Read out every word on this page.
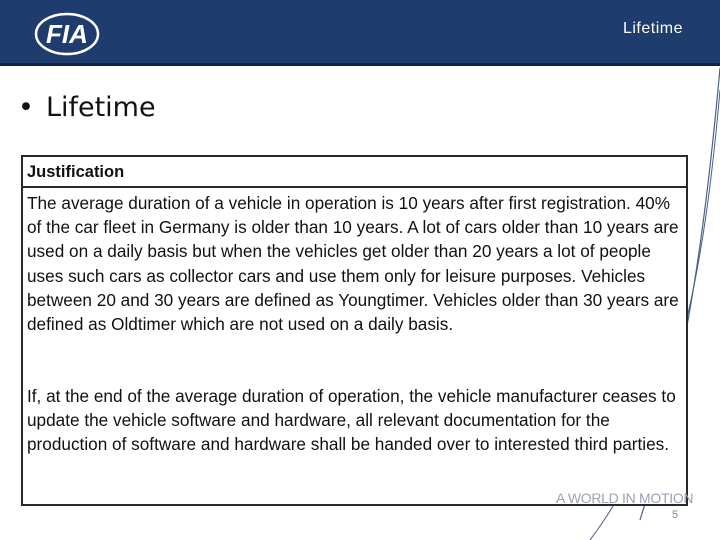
FIA	Lifetime
• Lifetime
Justification

The average duration of a vehicle in operation is 10 years after first registration. 40% of the car fleet in Germany is older than 10 years. A lot of cars older than 10 years are used on a daily basis but when the vehicles get older than 20 years a lot of people uses such cars as collector cars and use them only for leisure purposes. Vehicles between 20 and 30 years are defined as Youngtimer. Vehicles older than 30 years are defined as Oldtimer which are not used on a daily basis.

If, at the end of the average duration of operation, the vehicle manufacturer ceases to update the vehicle software and hardware, all relevant documentation for the production of software and hardware shall be handed over to interested third parties.

A WORLD IN MOTION
5
